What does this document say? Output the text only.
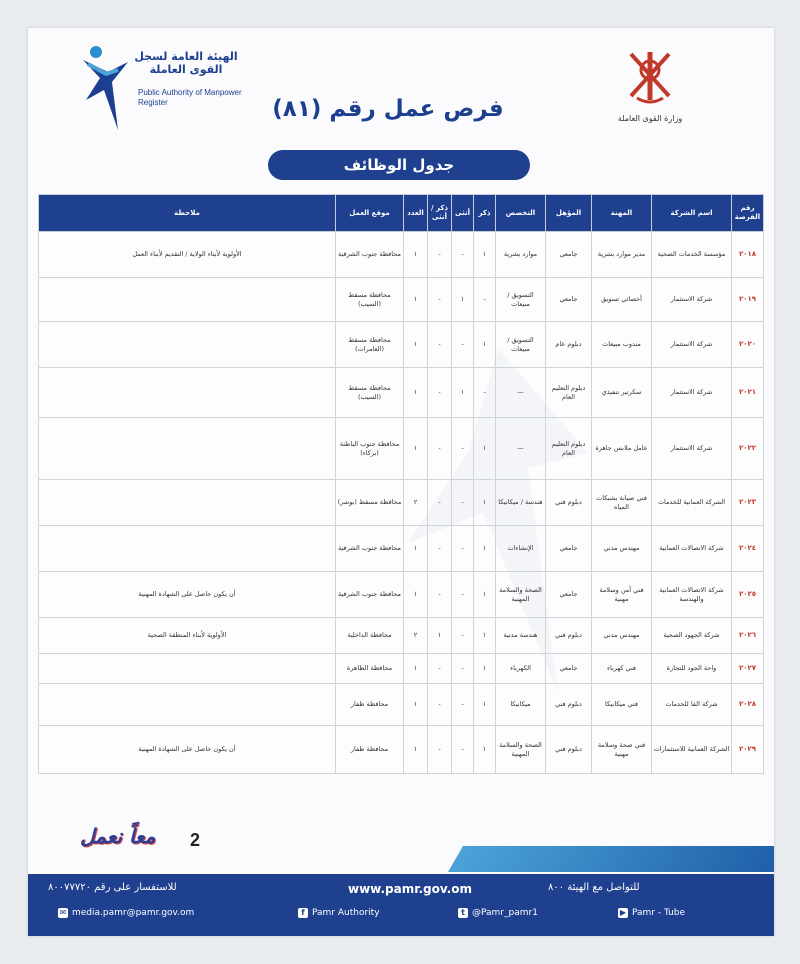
الهيئة العامة لسجل القوى العاملة
Public Authority of Manpower Register
وزارة القوى العاملة
فرص عمل رقم (٨١)
جدول الوظائف
رقم الفرصة	اسم الشركة	المهنة	المؤهل	التخصص	ذكر	أنثى	ذكر / أنثى	العدد	موقع العمل	ملاحظة
٢٠١٨	مؤسسة الخدمات الصحية	مدير موارد بشرية	جامعي	موارد بشرية	١	-	-	١	محافظة جنوب الشرقية	الأولوية لأبناء الولاية / التقديم لأبناء العمل
٢٠١٩	شركة الاستثمار	أخصائي تسويق	جامعي	التسويق / مبيعات	-	١	-	١	محافظة مسقط (السيب)	
٢٠٢٠	شركة الاستثمار	مندوب مبيعات	دبلوم عام	التسويق / مبيعات	١	-	-	١	محافظة مسقط (العامرات)	
٢٠٢١	شركة الاستثمار	سكرتير تنفيذي	دبلوم التعليم العام	—	-	١	-	١	محافظة مسقط (السيب)	
٢٠٢٢	شركة الاستثمار	عامل ملابس جاهزة	دبلوم التعليم العام	—	١	-	-	١	محافظة جنوب الباطنة (بركاء)	
٢٠٢٣	الشركة العمانية للخدمات	فني صيانة بشبكات المياه	دبلوم فني	هندسة / ميكانيكا	١	-	-	٢	محافظة مسقط (بوشر)	
٢٠٢٤	شركة الاتصالات العمانية	مهندس مدني	جامعي	الإنشاءات	١	-	-	١	محافظة جنوب الشرقية	
٢٠٢٥	شركة الاتصالات العمانية والهندسة	فني أمن وسلامة مهنية	جامعي	الصحة والسلامة المهنية	١	-	-	١	محافظة جنوب الشرقية	أن يكون حاصل على الشهادة المهنية
٢٠٢٦	شركة الجهود الصحية	مهندس مدني	دبلوم فني	هندسة مدنية	١	-	١	٢	محافظة الداخلية	الأولوية لأبناء المنطقة الصحية
٢٠٢٧	واحة الجود للتجارة	فني كهرباء	جامعي	الكهرباء	١	-	-	١	محافظة الظاهرة	
٢٠٢٨	شركة الفا للخدمات	فني ميكانيكا	دبلوم فني	ميكانيكا	١	-	-	١	محافظة ظفار	
٢٠٢٩	الشركة العمانية للاستثمارات	فني صحة وسلامة مهنية	دبلوم فني	الصحة والسلامة المهنية	١	-	-	١	محافظة ظفار	أن يكون حاصل على الشهادة المهنية
معاً نعمل 2
للاستفسار على رقم ٨٠٠٧٧٧٢٠	www.pamr.gov.om	للتواصل مع الهيئة ٨٠٠
✉ media.pamr@pamr.gov.om	f Pamr Authority	t @Pamr_pamr1	▶ Pamr - Tube
